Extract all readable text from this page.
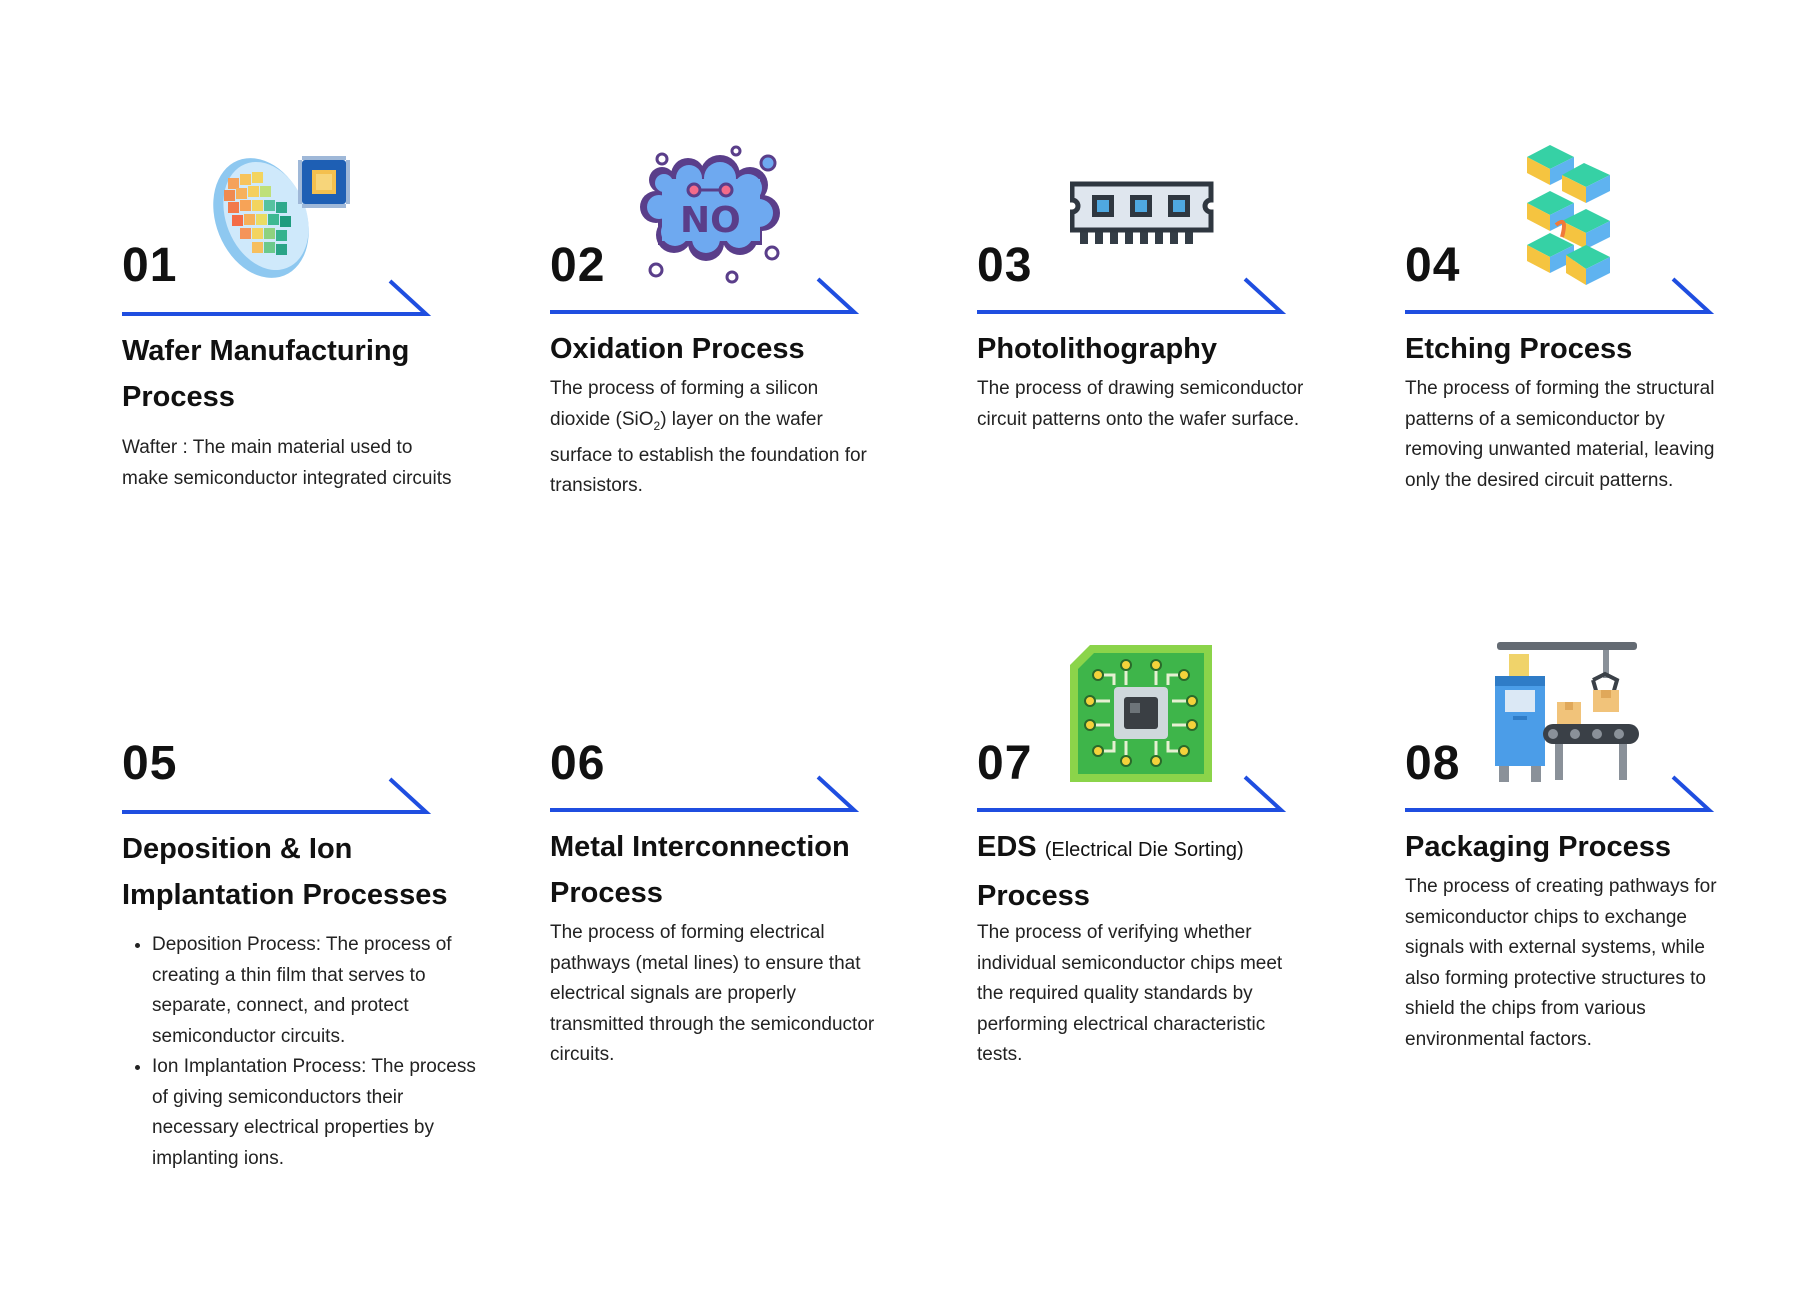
01
Wafer Manufacturing
Process

Wafter : The main material used to make semiconductor integrated circuits

NO
02
Oxidation Process

The process of forming a silicon dioxide (SiO$_2$) layer on the wafer surface to establish the foundation for transistors.

03
Photolithography

The process of drawing semiconductor circuit patterns onto the wafer surface.

04
Etching Process

The process of forming the structural patterns of a semiconductor by removing unwanted material, leaving only the desired circuit patterns.

05
Deposition & Ion
Implantation Processes
• Deposition Process: The process of creating a thin film that serves to separate, connect, and protect semiconductor circuits.
• Ion Implantation Process: The process of giving semiconductors their necessary electrical properties by implanting ions.
06
Metal Interconnection
Process

The process of forming electrical pathways (metal lines) to ensure that electrical signals are properly transmitted through the semiconductor circuits.

07
EDS (Electrical Die Sorting)
Process

The process of verifying whether individual semiconductor chips meet the required quality standards by performing electrical characteristic tests.

08
Packaging Process

The process of creating pathways for semiconductor chips to exchange signals with external systems, while also forming protective structures to shield the chips from various environmental factors.
